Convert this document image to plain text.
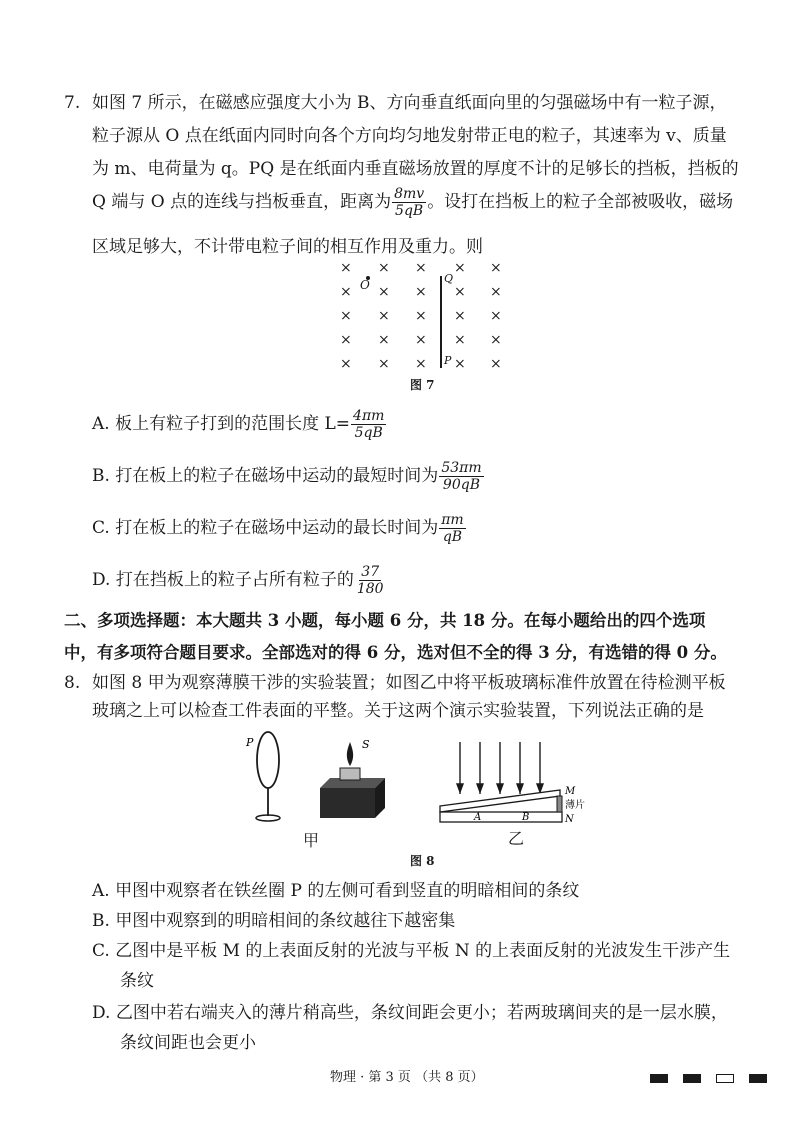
7. 如图 7 所示，在磁感应强度大小为 B、方向垂直纸面向里的匀强磁场中有一粒子源，
粒子源从 O 点在纸面内同时向各个方向均匀地发射带正电的粒子，其速率为 v、质量
为 m、电荷量为 q。PQ 是在纸面内垂直磁场放置的厚度不计的足够长的挡板，挡板的
Q 端与 O 点的连线与挡板垂直，距离为 $\frac{8mv}{5qB}$ 。设打在挡板上的粒子全部被吸收，磁场
区域足够大，不计带电粒子间的相互作用及重力。则
× × × × ×
× × × × ×
× × × × ×
× × × × ×
× × × × ×
O	Q
P
图 7
A. 板上有粒子打到的范围长度 $L= \frac{4\pi m}{5qB}$
B. 打在板上的粒子在磁场中运动的最短时间为 $\frac{53\pi m}{90qB}$
C. 打在板上的粒子在磁场中运动的最长时间为 $\frac{\pi m}{qB}$
D. 打在挡板上的粒子占所有粒子的 $\frac{37}{180}$
二、多项选择题：本大题共 3 小题，每小题 6 分，共 18 分。在每小题给出的四个选项
中，有多项符合题目要求。全部选对的得 6 分，选对但不全的得 3 分，有选错的得 0 分。
8. 如图 8 甲为观察薄膜干涉的实验装置；如图乙中将平板玻璃标准件放置在待检测平板
玻璃之上可以检查工件表面的平整。关于这两个演示实验装置，下列说法正确的是
P	S
甲
A	B
M
薄片
N
乙
图 8
A. 甲图中观察者在铁丝圈 P 的左侧可看到竖直的明暗相间的条纹
B. 甲图中观察到的明暗相间的条纹越往下越密集
C. 乙图中是平板 M 的上表面反射的光波与平板 N 的上表面反射的光波发生干涉产生
条纹
D. 乙图中若右端夹入的薄片稍高些，条纹间距会更小；若两玻璃间夹的是一层水膜，
条纹间距也会更小
物理 · 第 3 页 （共 8 页）
